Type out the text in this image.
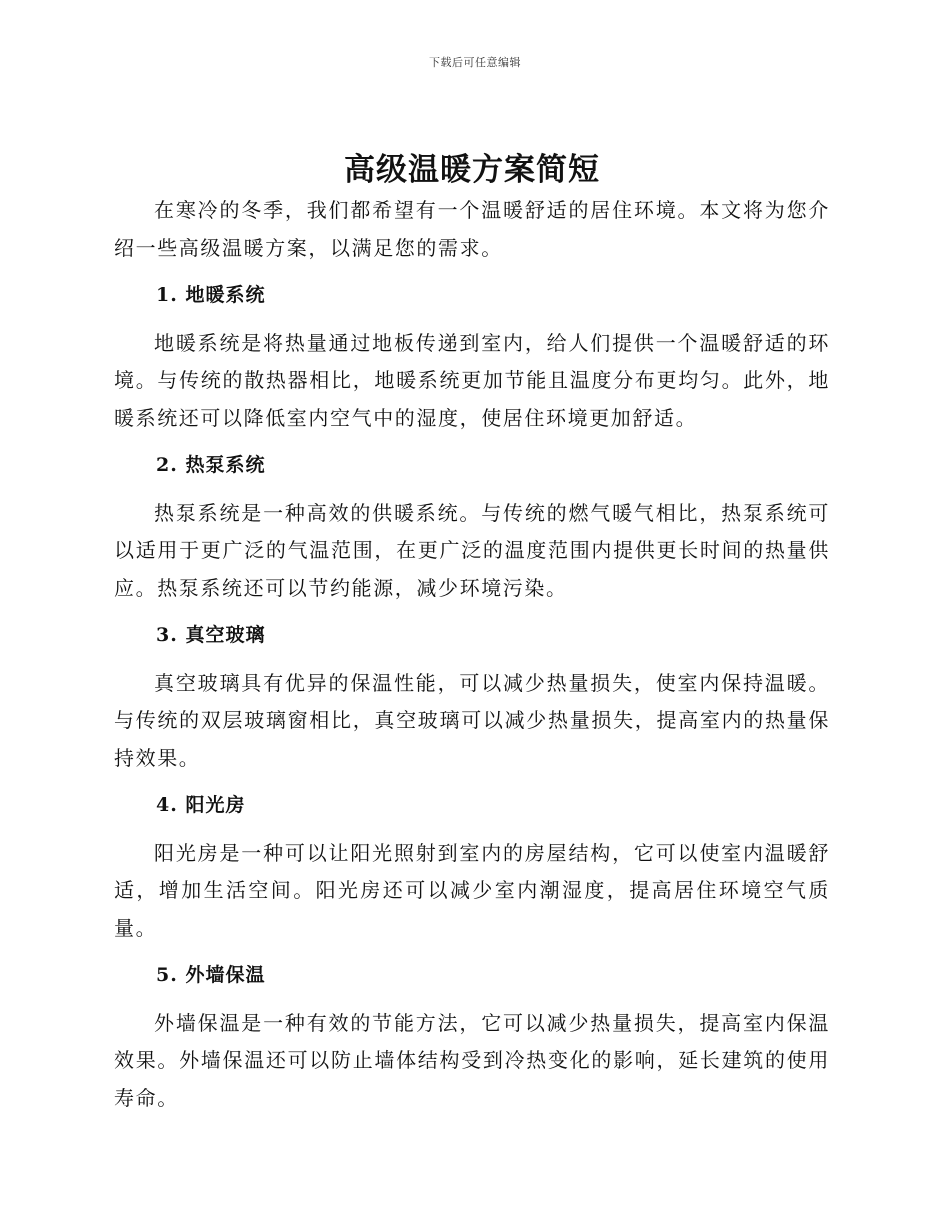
下载后可任意编辑
高级温暖方案简短

在寒冷的冬季，我们都希望有一个温暖舒适的居住环境。本文将为您介绍一些高级温暖方案，以满足您的需求。

1. 地暖系统

地暖系统是将热量通过地板传递到室内，给人们提供一个温暖舒适的环境。与传统的散热器相比，地暖系统更加节能且温度分布更均匀。此外，地暖系统还可以降低室内空气中的湿度，使居住环境更加舒适。

2. 热泵系统

热泵系统是一种高效的供暖系统。与传统的燃气暖气相比，热泵系统可以适用于更广泛的气温范围，在更广泛的温度范围内提供更长时间的热量供应。热泵系统还可以节约能源，减少环境污染。

3. 真空玻璃

真空玻璃具有优异的保温性能，可以减少热量损失，使室内保持温暖。与传统的双层玻璃窗相比，真空玻璃可以减少热量损失，提高室内的热量保持效果。

4. 阳光房

阳光房是一种可以让阳光照射到室内的房屋结构，它可以使室内温暖舒适，增加生活空间。阳光房还可以减少室内潮湿度，提高居住环境空气质量。

5. 外墙保温

外墙保温是一种有效的节能方法，它可以减少热量损失，提高室内保温效果。外墙保温还可以防止墙体结构受到冷热变化的影响，延长建筑的使用寿命。
